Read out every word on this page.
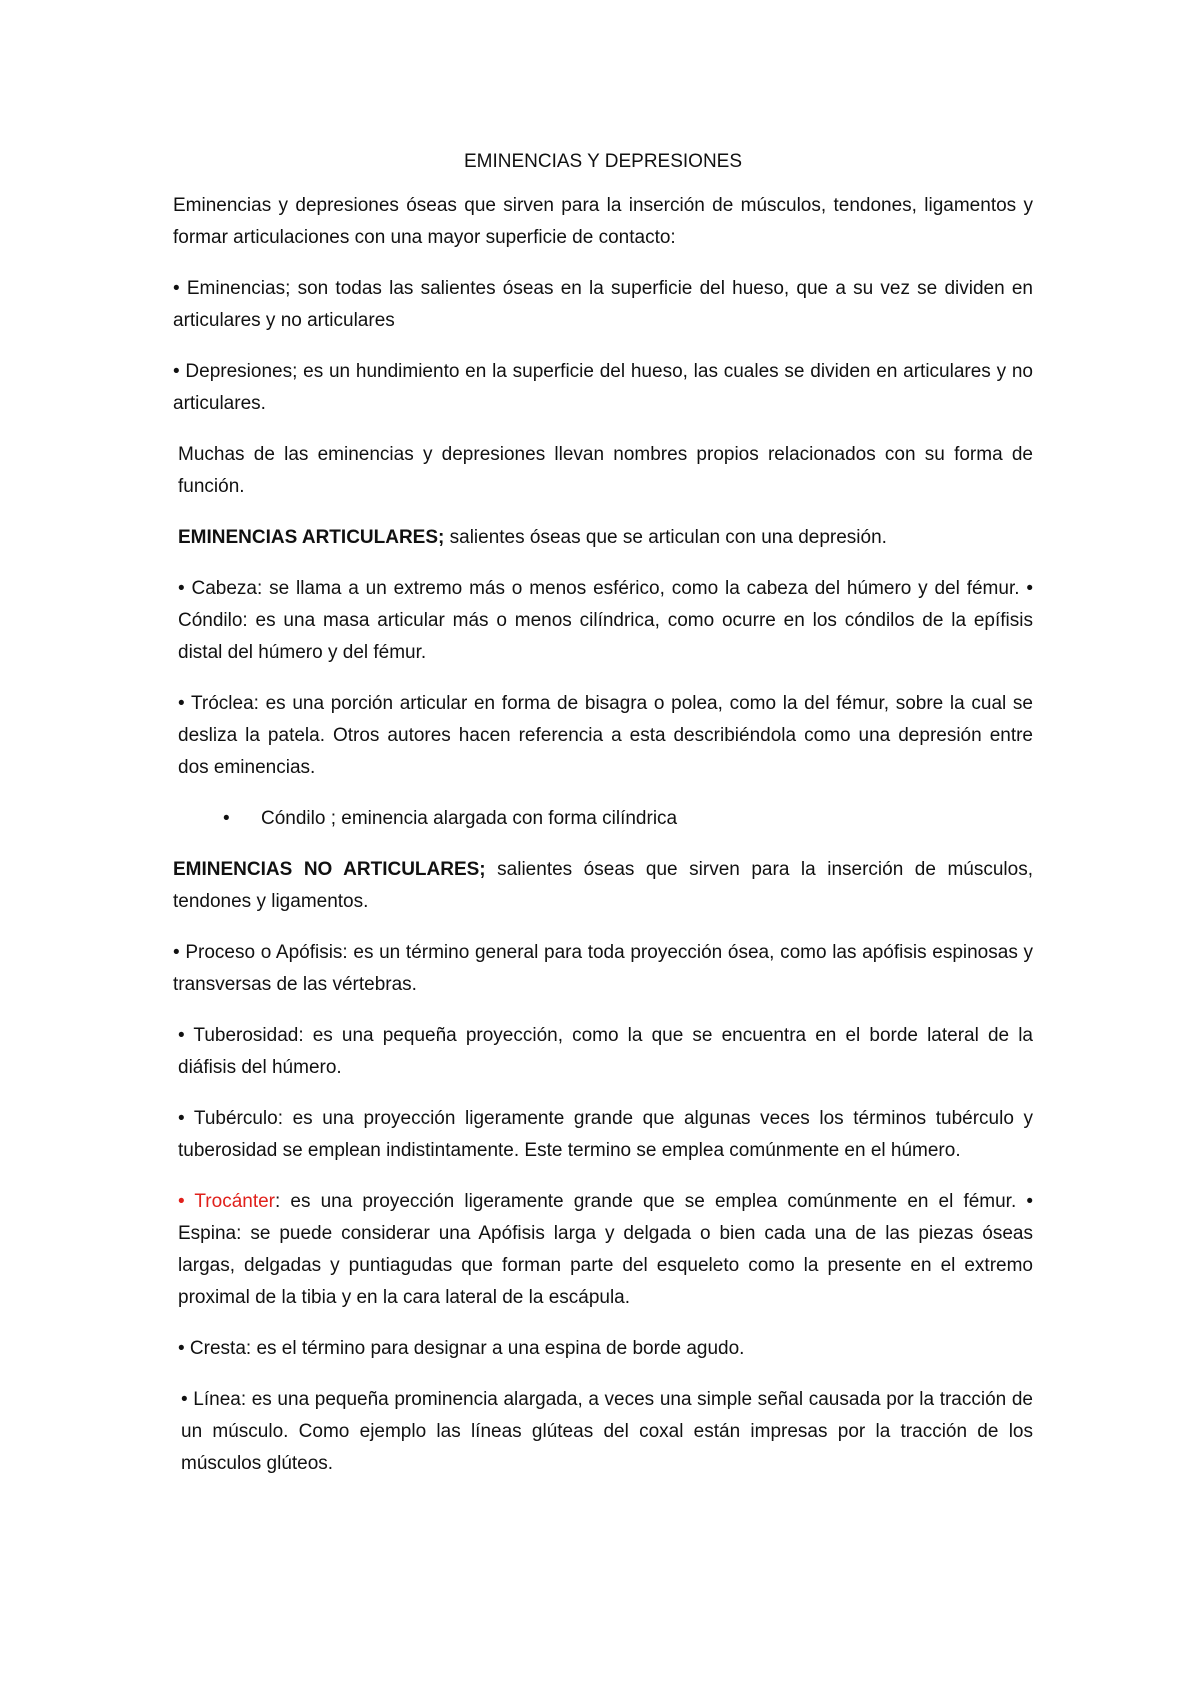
EMINENCIAS Y DEPRESIONES

Eminencias y depresiones óseas que sirven para la inserción de músculos, tendones, ligamentos y formar articulaciones con una mayor superficie de contacto:

• Eminencias; son todas las salientes óseas en la superficie del hueso, que a su vez se dividen en articulares y no articulares

• Depresiones; es un hundimiento en la superficie del hueso, las cuales se dividen en articulares y no articulares.

Muchas de las eminencias y depresiones llevan nombres propios relacionados con su forma de función.

EMINENCIAS ARTICULARES; salientes óseas que se articulan con una depresión.

• Cabeza: se llama a un extremo más o menos esférico, como la cabeza del húmero y del fémur. • Cóndilo: es una masa articular más o menos cilíndrica, como ocurre en los cóndilos de la epífisis distal del húmero y del fémur.

• Tróclea: es una porción articular en forma de bisagra o polea, como la del fémur, sobre la cual se desliza la patela. Otros autores hacen referencia a esta describiéndola como una depresión entre dos eminencias.

• Cóndilo ; eminencia alargada con forma cilíndrica

EMINENCIAS NO ARTICULARES; salientes óseas que sirven para la inserción de músculos, tendones y ligamentos.

• Proceso o Apófisis: es un término general para toda proyección ósea, como las apófisis espinosas y transversas de las vértebras.

• Tuberosidad: es una pequeña proyección, como la que se encuentra en el borde lateral de la diáfisis del húmero.

• Tubérculo: es una proyección ligeramente grande que algunas veces los términos tubérculo y tuberosidad se emplean indistintamente. Este termino se emplea comúnmente en el húmero.

• Trocánter: es una proyección ligeramente grande que se emplea comúnmente en el fémur. • Espina: se puede considerar una Apófisis larga y delgada o bien cada una de las piezas óseas largas, delgadas y puntiagudas que forman parte del esqueleto como la presente en el extremo proximal de la tibia y en la cara lateral de la escápula.

• Cresta: es el término para designar a una espina de borde agudo.

• Línea: es una pequeña prominencia alargada, a veces una simple señal causada por la tracción de un músculo. Como ejemplo las líneas glúteas del coxal están impresas por la tracción de los músculos glúteos.
